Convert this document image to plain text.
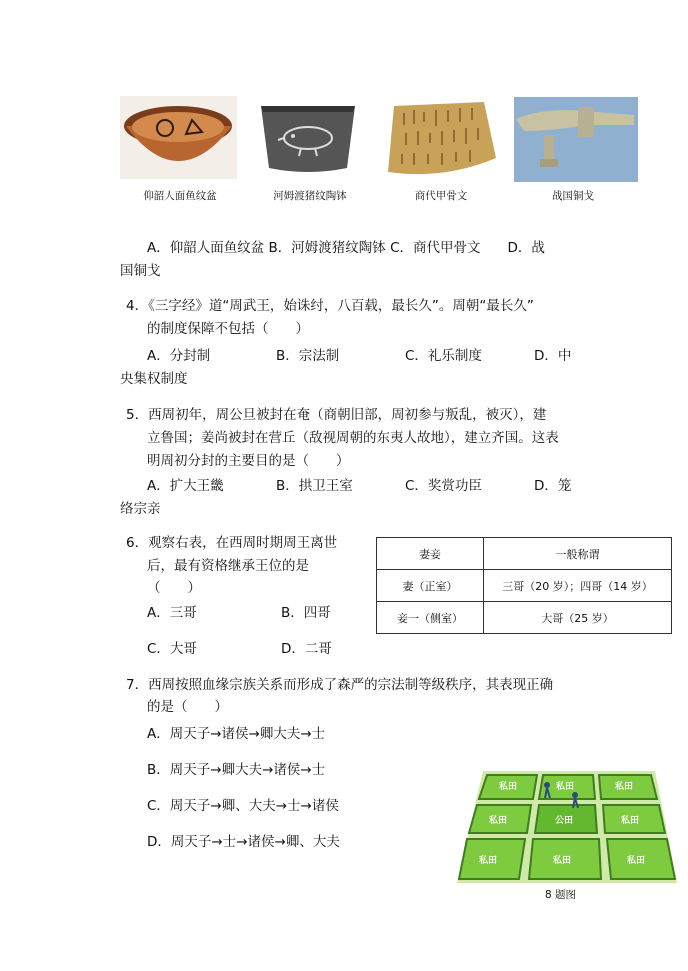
仰韶人面鱼纹盆	河姆渡猪纹陶钵	商代甲骨文	战国铜戈
A．仰韶人面鱼纹盆 B．河姆渡猪纹陶钵 C．商代甲骨文　　D．战
国铜戈
4．《三字经》道“周武王，始诛纣，八百载，最长久”。周朝“最长久”
的制度保障不包括（　　）
A．分封制	B．宗法制	C．礼乐制度	D．中
央集权制度
5．西周初年，周公旦被封在奄（商朝旧部，周初参与叛乱，被灭），建
立鲁国；姜尚被封在营丘（敌视周朝的东夷人故地），建立齐国。这表
明周初分封的主要目的是（　　）
A．扩大王畿	B．拱卫王室	C．奖赏功臣	D．笼
络宗亲
6．观察右表，在西周时期周王离世
后，最有资格继承王位的是
（　　）
A．三哥	B．四哥
C．大哥	D．二哥
妻妾	一般称谓
妻（正室）	三哥（20 岁）；四哥（14 岁）
妾一（侧室）	大哥（25 岁）
7．西周按照血缘宗族关系而形成了森严的宗法制等级秩序，其表现正确
的是（　　）
A．周天子→诸侯→卿大夫→士
B．周天子→卿大夫→诸侯→士
C．周天子→卿、大夫→士→诸侯
D．周天子→士→诸侯→卿、大夫
私田	私田	私田
私田	公田	私田
私田	私田	私田
8 题图
